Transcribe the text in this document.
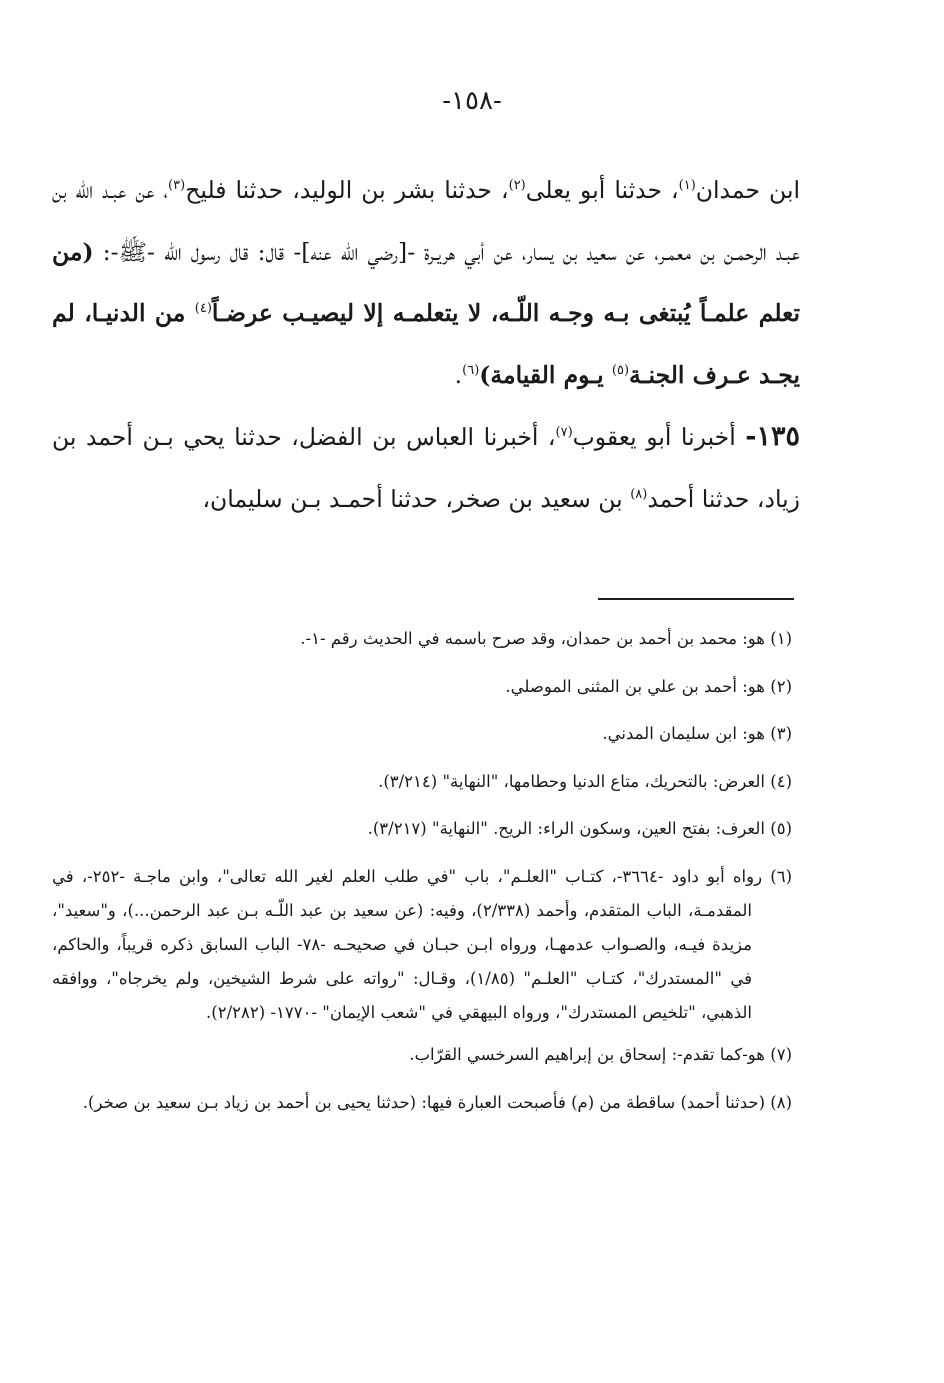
-١٥٨-

ابن حمدان$^{(١)}$، حدثنا أبو يعلى$^{(٢)}$، حدثنا بشر بن الوليد، حدثنا فليح$^{(٣)}$، عن عبـد الله بن عبـد الرحمـن بن معمـر، عن سعيد بن يسار، عن أبي هريـرة -[رضي الله عنه]- قال: قال رسول الله -ﷺ-: (من تعلم علمـاً يُبتغى بـه وجـه اللّـه، لا يتعلمـه إلا ليصيـب عرضـاً$^{(٤)}$ من الدنيـا، لم يجـد عـرف الجنـة$^{(٥)}$ يـوم القيامة)$^{(٦)}$.

١٣٥- أخبرنا أبو يعقوب$^{(٧)}$، أخبرنا العباس بن الفضل، حدثنا يحي بـن أحمد بن زياد، حدثنا أحمد$^{(٨)}$ بن سعيد بن صخر، حدثنا أحمـد بـن سليمان،

(١) هو: محمد بن أحمد بن حمدان، وقد صرح باسمه في الحديث رقم -١-.

(٢) هو: أحمد بن علي بن المثنى الموصلي.

(٣) هو: ابن سليمان المدني.

(٤) العرض: بالتحريك، متاع الدنيا وحطامها، "النهاية" (٣/٢١٤).

(٥) العرف: بفتح العين، وسكون الراء: الريح. "النهاية" (٣/٢١٧).

(٦) رواه أبو داود -٣٦٦٤-، كتـاب "العلـم"، باب "في طلب العلم لغير الله تعالى"، وابن ماجـة -٢٥٢-، في المقدمـة، الباب المتقدم، وأحمد (٢/٣٣٨)، وفيه: (عن سعيد بن عبد اللّـه بـن عبد الرحمن...)، و"سعيد"، مزيدة فيـه، والصـواب عدمهـا، ورواه ابـن حبـان في صحيحـه -٧٨- الباب السابق ذكره قريباً، والحاكم، في "المستدرك"، كتـاب "العلـم" (١/٨٥)، وقـال: "رواته على شرط الشيخين، ولم يخرجاه"، ووافقه الذهبي، "تلخيص المستدرك"، ورواه البيهقي في "شعب الإيمان" -١٧٧٠- (٢/٢٨٢).

(٧) هو-كما تقدم-: إسحاق بن إبراهيم السرخسي القرّاب.

(٨) (حدثنا أحمد) ساقطة من (م) فأصبحت العبارة فيها: (حدثنا يحيى بن أحمد بن زياد بـن سعيد بن صخر).
